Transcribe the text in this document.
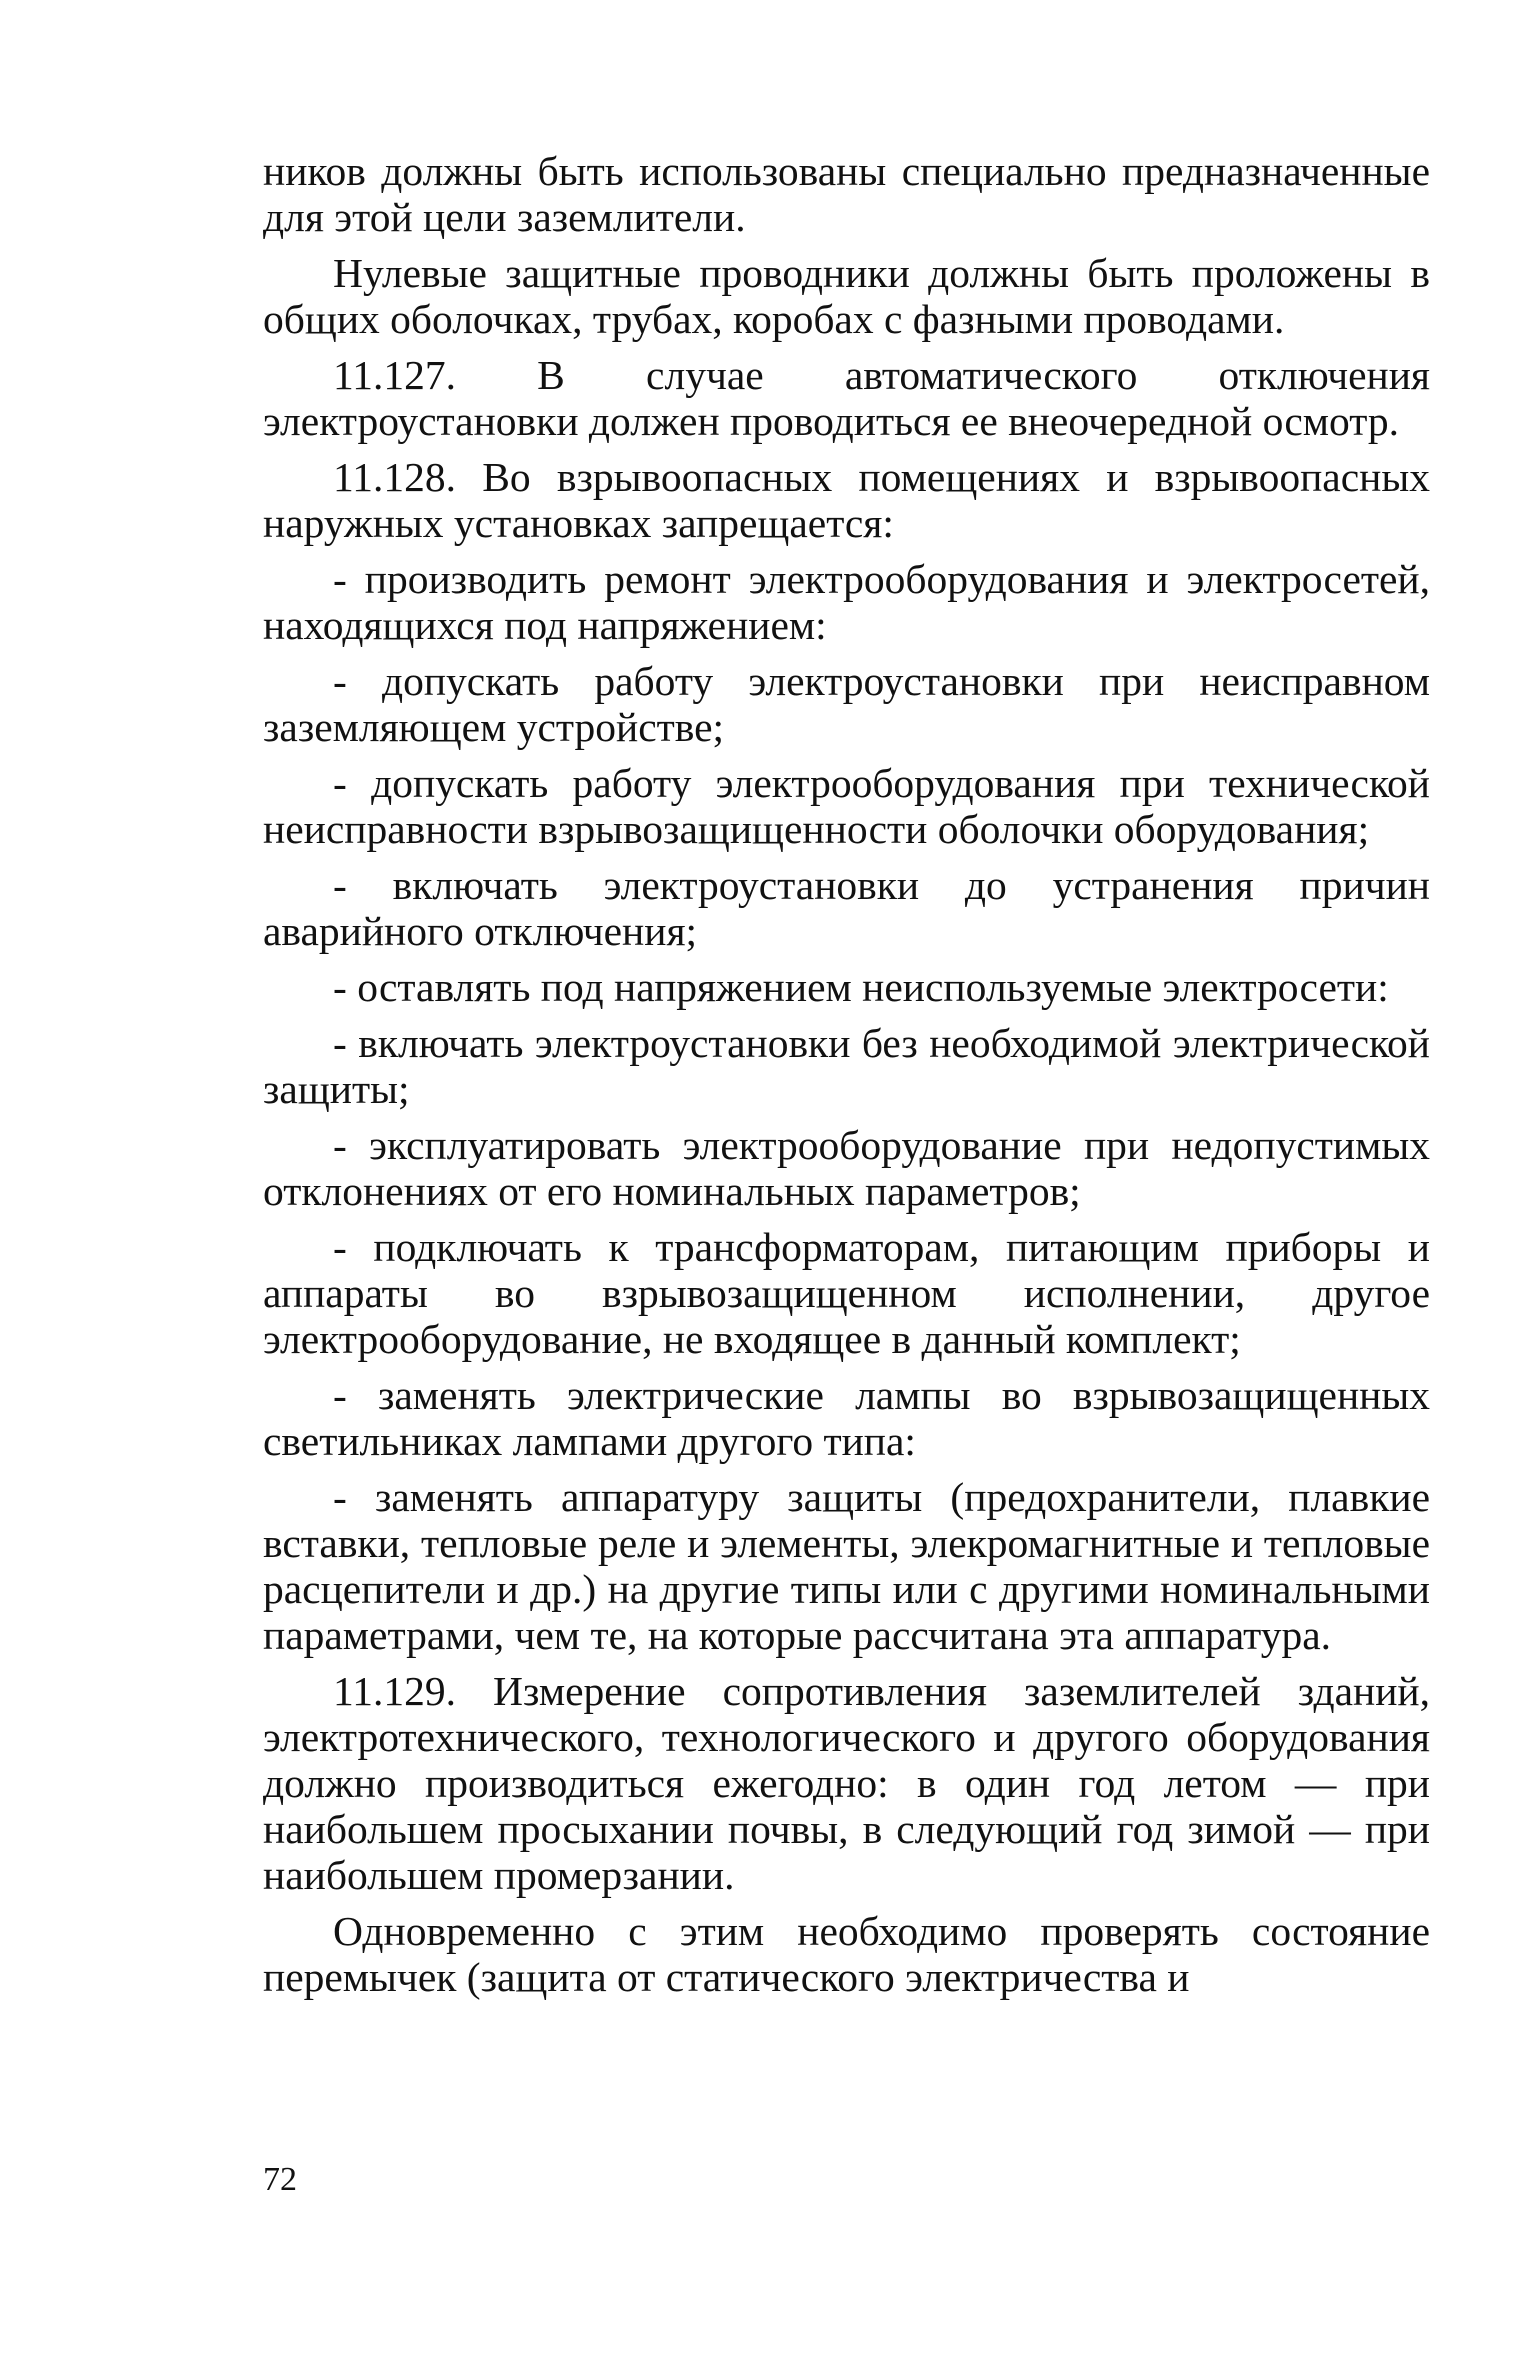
ников должны быть использованы специально предназначенные для этой цели заземлители.

Нулевые защитные проводники должны быть проложены в общих оболочках, трубах, коробах с фазными проводами.

11.127. В случае автоматического отключения электроустановки должен проводиться ее внеочередной осмотр.

11.128. Во взрывоопасных помещениях и взрывоопасных наружных установках запрещается:

- производить ремонт электрооборудования и электросетей, находящихся под напряжением:

- допускать работу электроустановки при неисправном заземляющем устройстве;

- допускать работу электрооборудования при технической неисправности взрывозащищенности оболочки оборудования;

- включать электроустановки до устранения причин аварийного отключения;

- оставлять под напряжением неиспользуемые электросети:

- включать электроустановки без необходимой электрической защиты;

- эксплуатировать электрооборудование при недопустимых отклонениях от его номинальных параметров;

- подключать к трансформаторам, питающим приборы и аппараты во взрывозащищенном исполнении, другое электрооборудование, не входящее в данный комплект;

- заменять электрические лампы во взрывозащищенных светильниках лампами другого типа:

- заменять аппаратуру защиты (предохранители, плавкие вставки, тепловые реле и элементы, элекромагнитные и тепловые расцепители и др.) на другие типы или с другими номинальными параметрами, чем те, на которые рассчитана эта аппаратура.

11.129. Измерение сопротивления заземлителей зданий, электротехнического, технологического и другого оборудования должно производиться ежегодно: в один год летом — при наибольшем просыхании почвы, в следующий год зимой — при наибольшем промерзании.

Одновременно с этим необходимо проверять состояние перемычек (защита от статического электричества и

72
